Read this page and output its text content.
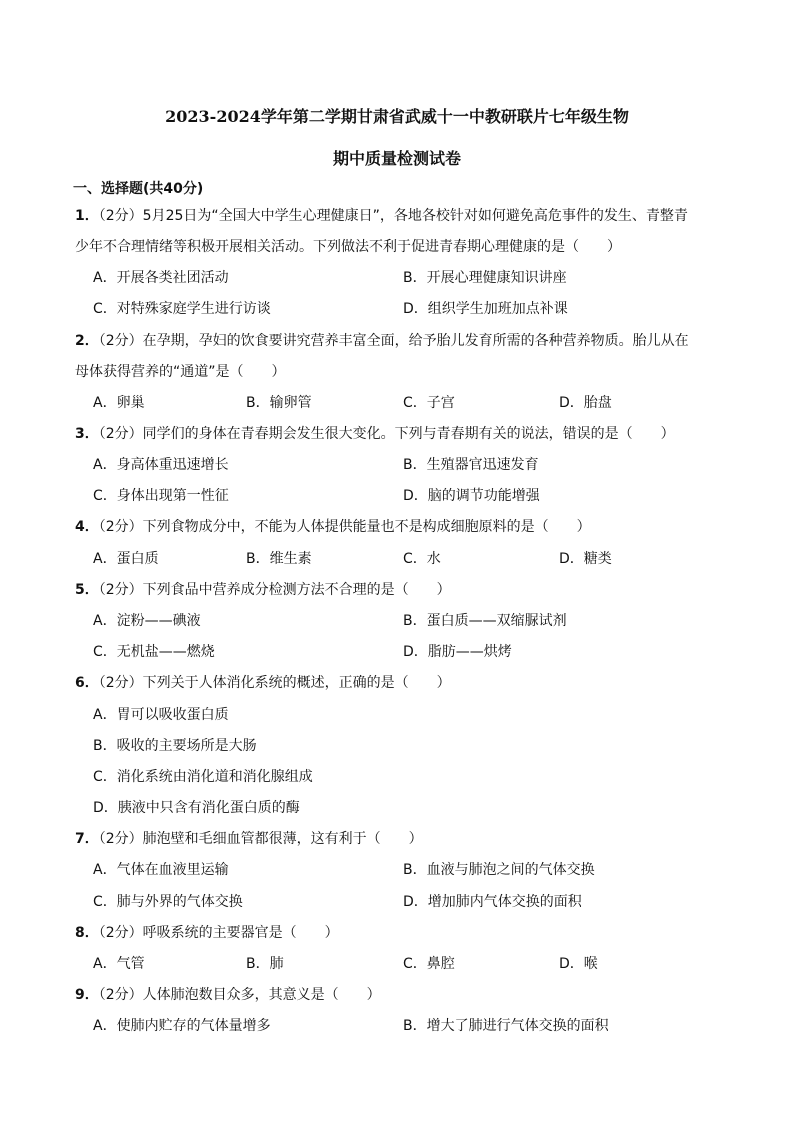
2023-2024学年第二学期甘肃省武威十一中教研联片七年级生物
期中质量检测试卷
一、选择题(共40分)
1．（2分）5月25日为“全国大中学生心理健康日”，各地各校针对如何避免高危事件的发生、青整青
少年不合理情绪等积极开展相关活动。下列做法不利于促进青春期心理健康的是（　　）
A．开展各类社团活动	B．开展心理健康知识讲座
C．对特殊家庭学生进行访谈	D．组织学生加班加点补课
2．（2分）在孕期，孕妇的饮食要讲究营养丰富全面，给予胎儿发育所需的各种营养物质。胎儿从在
母体获得营养的“通道”是（　　）
A．卵巢	B．输卵管	C．子宫	D．胎盘
3．（2分）同学们的身体在青春期会发生很大变化。下列与青春期有关的说法，错误的是（　　）
A．身高体重迅速增长	B．生殖器官迅速发育
C．身体出现第一性征	D．脑的调节功能增强
4．（2分）下列食物成分中，不能为人体提供能量也不是构成细胞原料的是（　　）
A．蛋白质	B．维生素	C．水	D．糖类
5．（2分）下列食品中营养成分检测方法不合理的是（　　）
A．淀粉——碘液	B．蛋白质——双缩脲试剂
C．无机盐——燃烧	D．脂肪——烘烤
6．（2分）下列关于人体消化系统的概述，正确的是（　　）
A．胃可以吸收蛋白质
B．吸收的主要场所是大肠
C．消化系统由消化道和消化腺组成
D．胰液中只含有消化蛋白质的酶
7．（2分）肺泡壁和毛细血管都很薄，这有利于（　　）
A．气体在血液里运输	B．血液与肺泡之间的气体交换
C．肺与外界的气体交换	D．增加肺内气体交换的面积
8．（2分）呼吸系统的主要器官是（　　）
A．气管	B．肺	C．鼻腔	D．喉
9．（2分）人体肺泡数目众多，其意义是（　　）
A．使肺内贮存的气体量增多	B．增大了肺进行气体交换的面积
